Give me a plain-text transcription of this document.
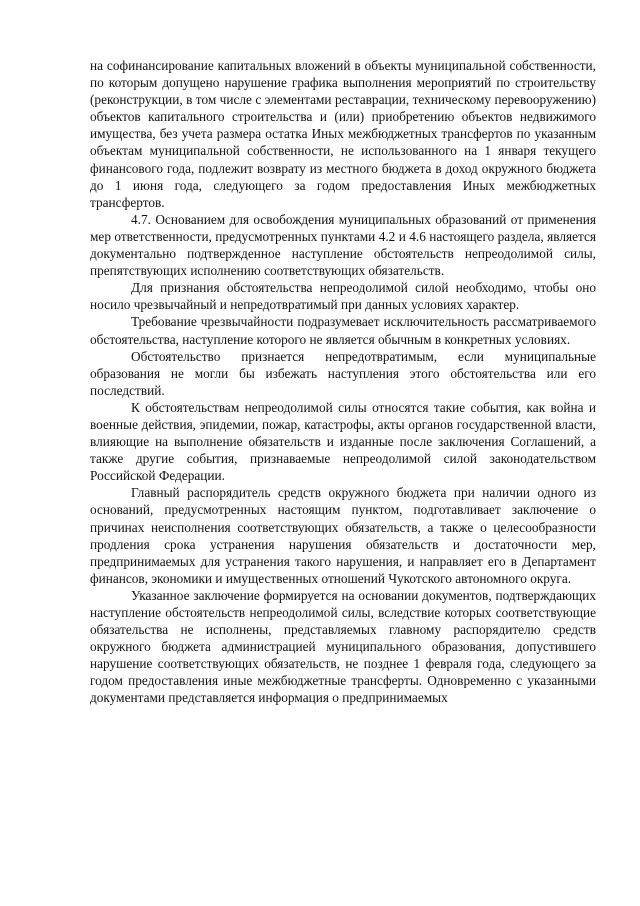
на софинансирование капитальных вложений в объекты муниципальной собственности, по которым допущено нарушение графика выполнения мероприятий по строительству (реконструкции, в том числе с элементами реставрации, техническому перевооружению) объектов капитального строительства и (или) приобретению объектов недвижимого имущества, без учета размера остатка Иных межбюджетных трансфертов по указанным объектам муниципальной собственности, не использованного на 1 января текущего финансового года, подлежит возврату из местного бюджета в доход окружного бюджета до 1 июня года, следующего за годом предоставления Иных межбюджетных трансфертов.

4.7. Основанием для освобождения муниципальных образований от применения мер ответственности, предусмотренных пунктами 4.2 и 4.6 настоящего раздела, является документально подтвержденное наступление обстоятельств непреодолимой силы, препятствующих исполнению соответствующих обязательств.

Для признания обстоятельства непреодолимой силой необходимо, чтобы оно носило чрезвычайный и непредотвратимый при данных условиях характер.

Требование чрезвычайности подразумевает исключительность рассматриваемого обстоятельства, наступление которого не является обычным в конкретных условиях.

Обстоятельство признается непредотвратимым, если муниципальные образования не могли бы избежать наступления этого обстоятельства или его последствий.

К обстоятельствам непреодолимой силы относятся такие события, как война и военные действия, эпидемии, пожар, катастрофы, акты органов государственной власти, влияющие на выполнение обязательств и изданные после заключения Соглашений, а также другие события, признаваемые непреодолимой силой законодательством Российской Федерации.

Главный распорядитель средств окружного бюджета при наличии одного из оснований, предусмотренных настоящим пунктом, подготавливает заключение о причинах неисполнения соответствующих обязательств, а также о целесообразности продления срока устранения нарушения обязательств и достаточности мер, предпринимаемых для устранения такого нарушения, и направляет его в Департамент финансов, экономики и имущественных отношений Чукотского автономного округа.

Указанное заключение формируется на основании документов, подтверждающих наступление обстоятельств непреодолимой силы, вследствие которых соответствующие обязательства не исполнены, представляемых главному распорядителю средств окружного бюджета администрацией муниципального образования, допустившего нарушение соответствующих обязательств, не позднее 1 февраля года, следующего за годом предоставления иные межбюджетные трансферты. Одновременно с указанными документами представляется информация о предпринимаемых
